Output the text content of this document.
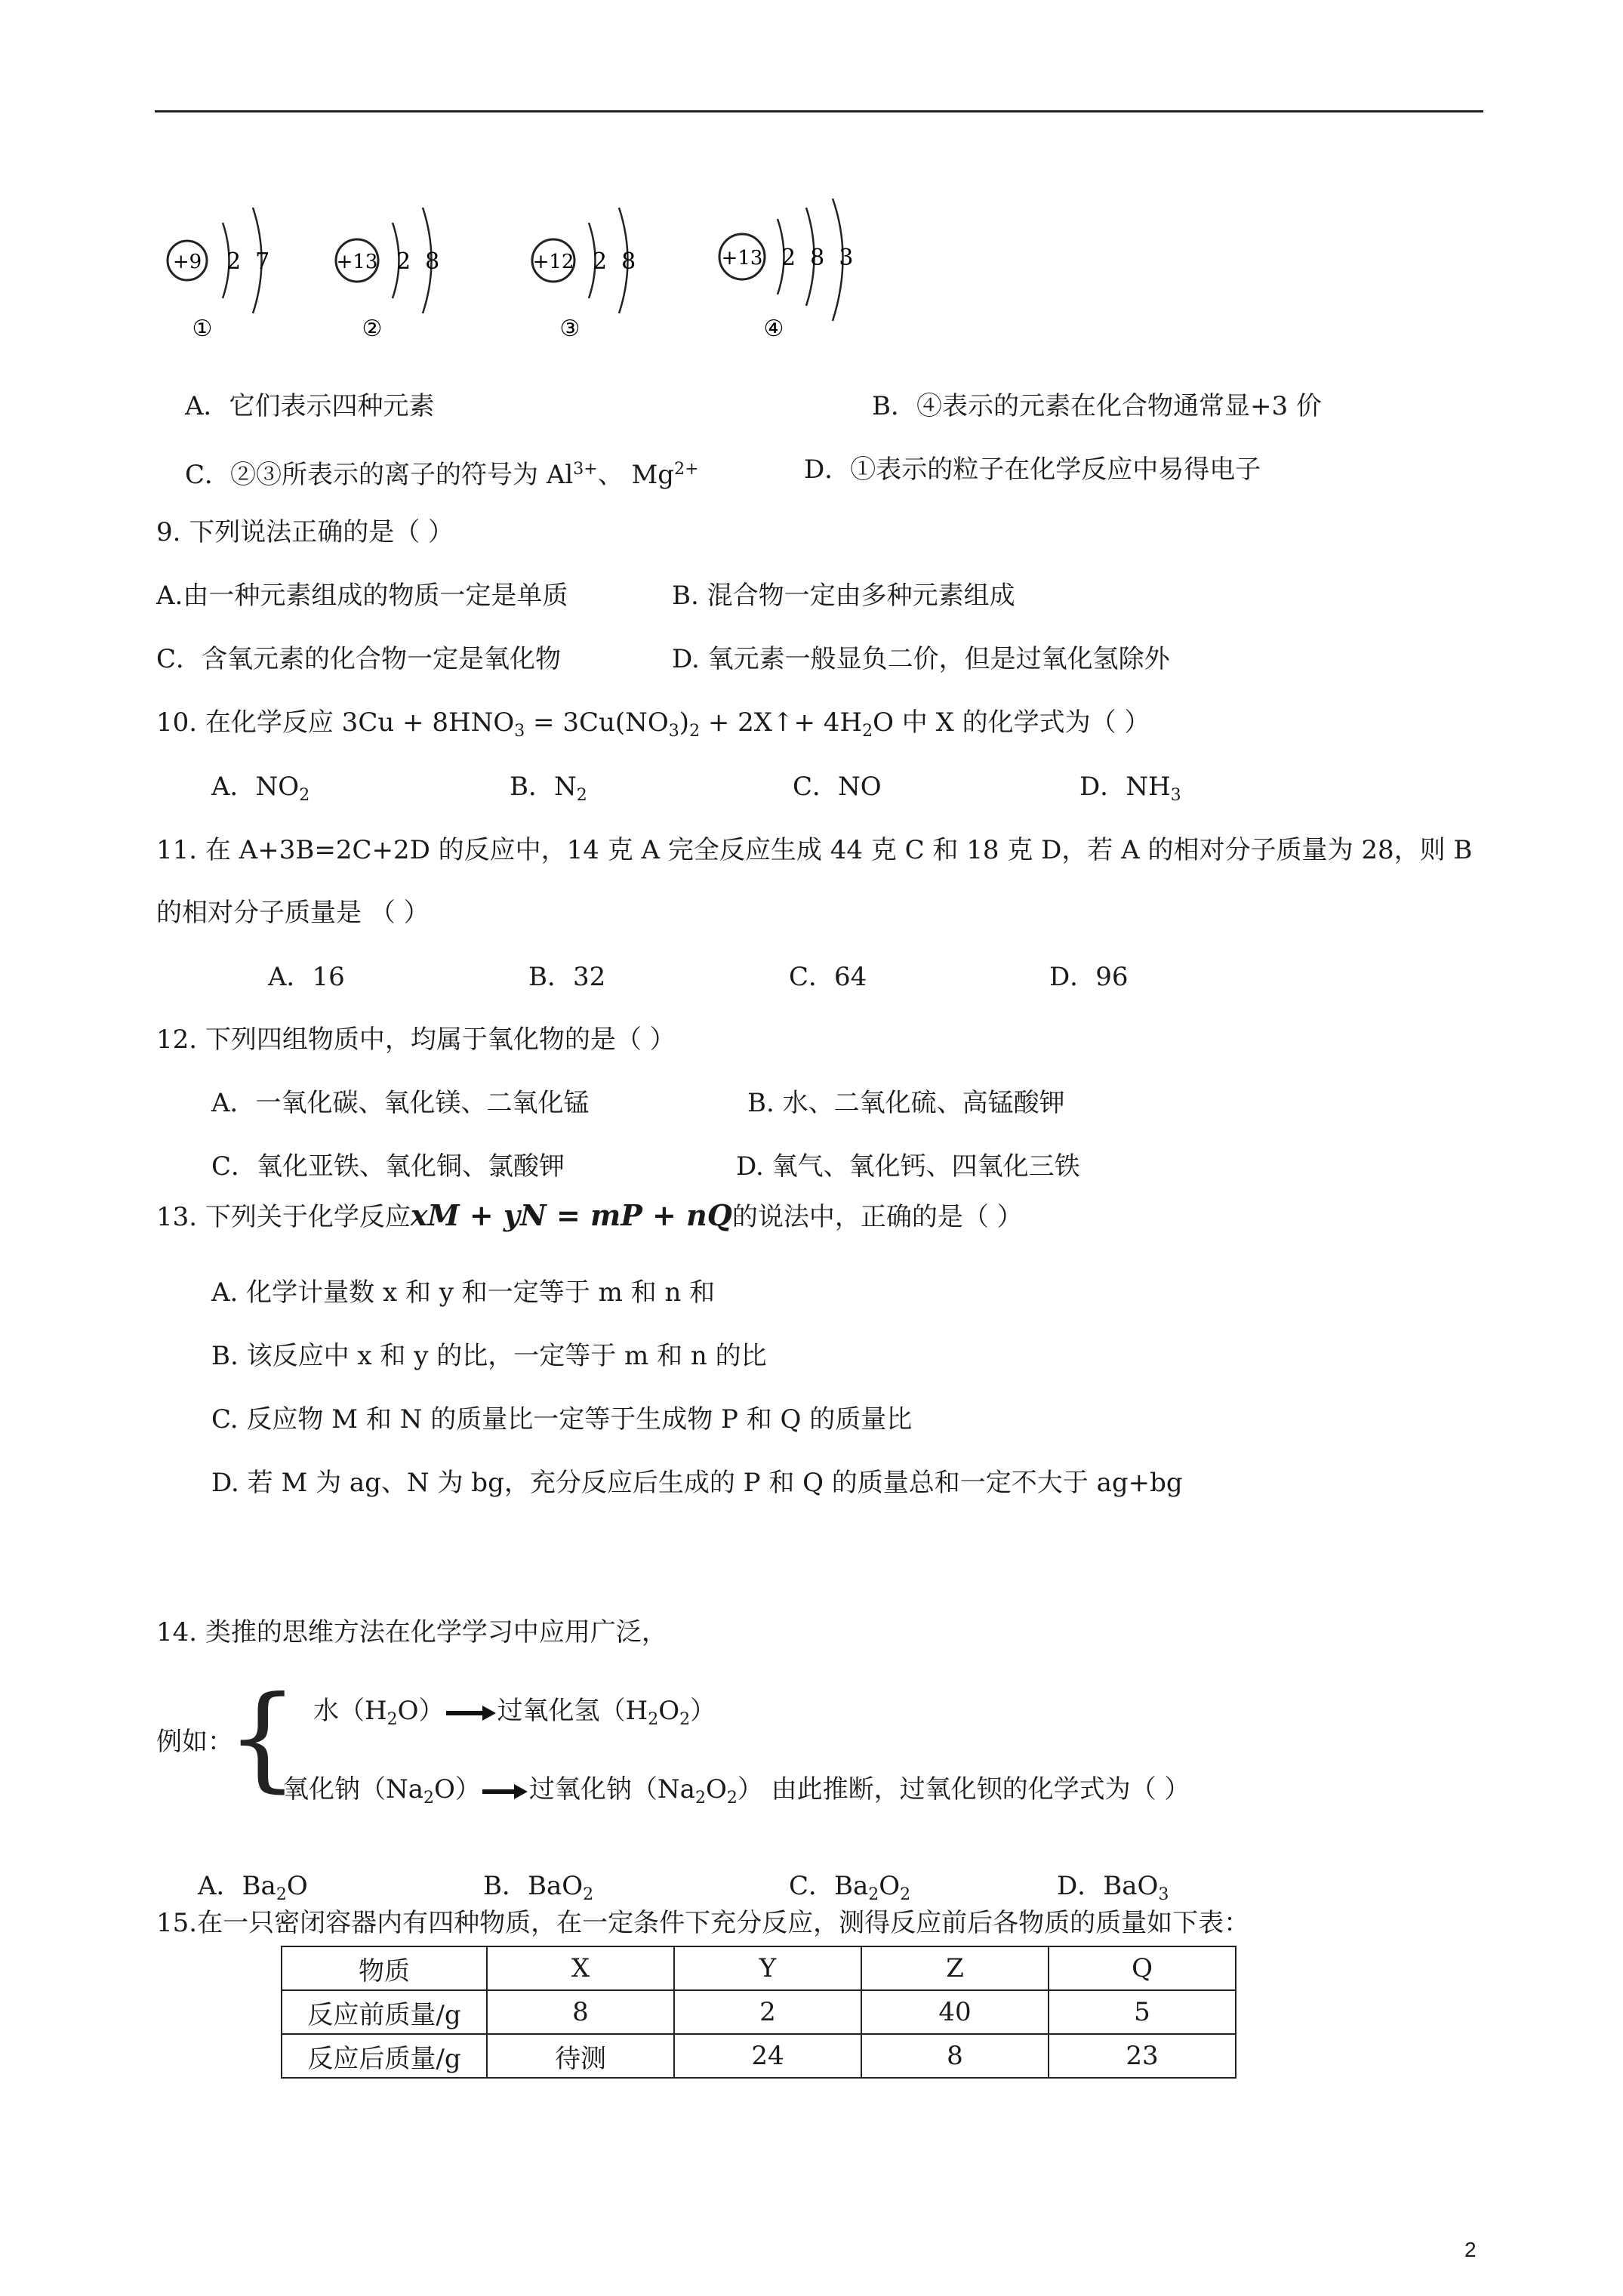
+9 2  7
①
+13 2  8
②
+12 2  8
③
+13 2  8  3
④
A．它们表示四种元素	B．④表示的元素在化合物通常显+3 价
C．②③所表示的离子的符号为 $Al^{3+}$、 $Mg^{2+}$	D．①表示的粒子在化学反应中易得电子
9. 下列说法正确的是（ ）
A.由一种元素组成的物质一定是单质	B. 混合物一定由多种元素组成
C．含氧元素的化合物一定是氧化物	D. 氧元素一般显负二价，但是过氧化氢除外
10. 在化学反应 $3Cu + 8HNO_3 = 3Cu(NO_3)_2$ + 2X↑+ $4H_2O$ 中 X 的化学式为（ ）
A．$NO_2$	B．$N_2$	C．NO	D．$NH_3$
11. 在 A+3B=2C+2D 的反应中，14 克 A 完全反应生成 44 克 C 和 18 克 D，若 A 的相对分子质量为 28，则 B
的相对分子质量是 （ ）
A．16	B．32	C．64	D．96
12. 下列四组物质中，均属于氧化物的是（ ）
A．一氧化碳、氧化镁、二氧化锰	B. 水、二氧化硫、高锰酸钾
C．氧化亚铁、氧化铜、氯酸钾	D. 氧气、氧化钙、四氧化三铁
13. 下列关于化学反应xM + yN = mP + nQ的说法中，正确的是（ ）
A. 化学计量数 x 和 y 和一定等于 m 和 n 和
B. 该反应中 x 和 y 的比，一定等于 m 和 n 的比
C. 反应物 M 和 N 的质量比一定等于生成物 P 和 Q 的质量比
D. 若 M 为 ag、N 为 bg，充分反应后生成的 P 和 Q 的质量总和一定不大于 ag+bg
14. 类推的思维方法在化学学习中应用广泛，
例如：
{ 水$(H_2O)$ 过氧化氢$(H_2O_2)$
氧化钠$(Na_2O)$ 过氧化钠$(Na_2O_2)$ 由此推断，过氧化钡的化学式为（ ）
A．$Ba_2O$	B．BaO$_2$	C．$Ba_2O_2$	D．BaO$_3$
15.在一只密闭容器内有四种物质，在一定条件下充分反应，测得反应前后各物质的质量如下表：
物质	X	Y	Z	Q
反应前质量/g	8	2	40	5
反应后质量/g	待测	24	8	23
2
